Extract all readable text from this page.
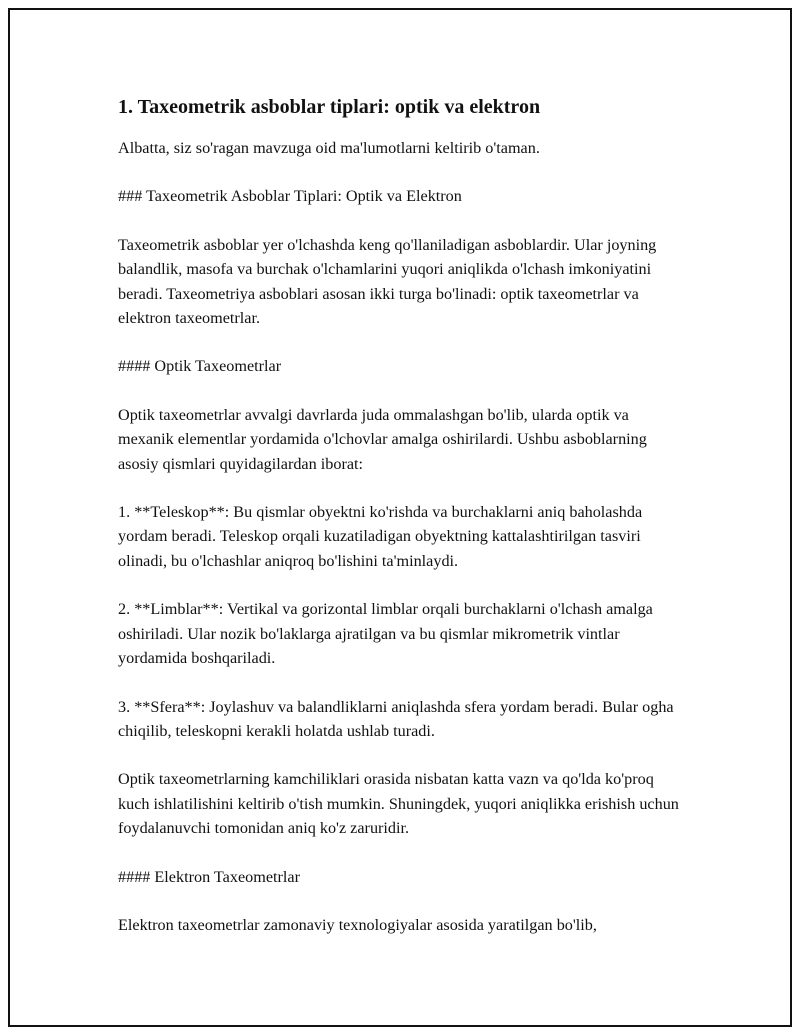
1. Taxeometrik asboblar tiplari: optik va elektron

Albatta, siz so'ragan mavzuga oid ma'lumotlarni keltirib o'taman.

### Taxeometrik Asboblar Tiplari: Optik va Elektron

Taxeometrik asboblar yer o'lchashda keng qo'llaniladigan asboblardir. Ular joyning balandlik, masofa va burchak o'lchamlarini yuqori aniqlikda o'lchash imkoniyatini beradi. Taxeometriya asboblari asosan ikki turga bo'linadi: optik taxeometrlar va elektron taxeometrlar.

#### Optik Taxeometrlar

Optik taxeometrlar avvalgi davrlarda juda ommalashgan bo'lib, ularda optik va mexanik elementlar yordamida o'lchovlar amalga oshirilardi. Ushbu asboblarning asosiy qismlari quyidagilardan iborat:

1. **Teleskop**: Bu qismlar obyektni ko'rishda va burchaklarni aniq baholashda yordam beradi. Teleskop orqali kuzatiladigan obyektning kattalashtirilgan tasviri olinadi, bu o'lchashlar aniqroq bo'lishini ta'minlaydi.

2. **Limblar**: Vertikal va gorizontal limblar orqali burchaklarni o'lchash amalga oshiriladi. Ular nozik bo'laklarga ajratilgan va bu qismlar mikrometrik vintlar yordamida boshqariladi.

3. **Sfera**: Joylashuv va balandliklarni aniqlashda sfera yordam beradi. Bular ogha chiqilib, teleskopni kerakli holatda ushlab turadi.

Optik taxeometrlarning kamchiliklari orasida nisbatan katta vazn va qo'lda ko'proq kuch ishlatilishini keltirib o'tish mumkin. Shuningdek, yuqori aniqlikka erishish uchun foydalanuvchi tomonidan aniq ko'z zaruridir.

#### Elektron Taxeometrlar

Elektron taxeometrlar zamonaviy texnologiyalar asosida yaratilgan bo'lib,
